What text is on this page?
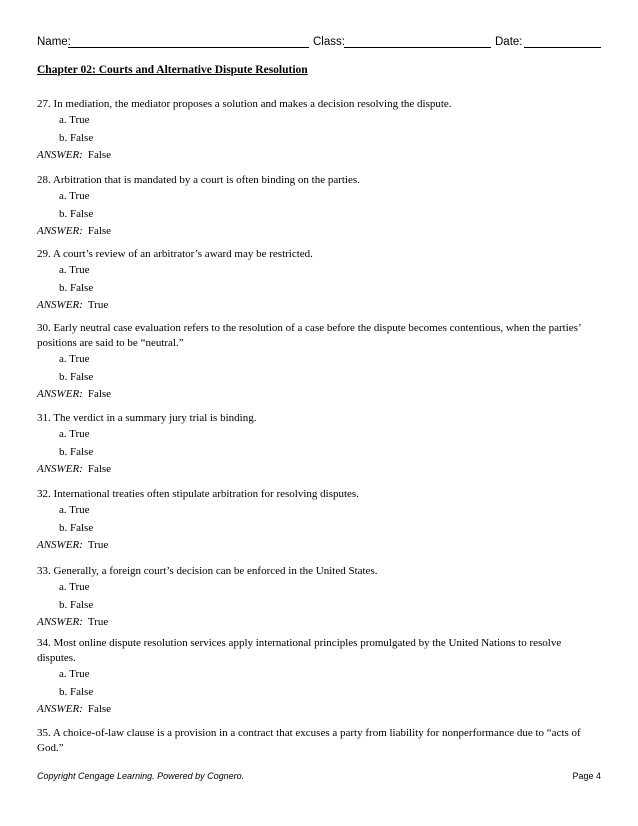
Name:	Class:	Date:
Chapter 02: Courts and Alternative Dispute Resolution

27. In mediation, the mediator proposes a solution and makes a decision resolving the dispute.

a. True

b. False

ANSWER: False

28. Arbitration that is mandated by a court is often binding on the parties.

a. True

b. False

ANSWER: False

29. A court’s review of an arbitrator’s award may be restricted.

a. True

b. False

ANSWER: True

30. Early neutral case evaluation refers to the resolution of a case before the dispute becomes contentious, when the parties’ positions are said to be “neutral.”

a. True

b. False

ANSWER: False

31. The verdict in a summary jury trial is binding.

a. True

b. False

ANSWER: False

32. International treaties often stipulate arbitration for resolving disputes.

a. True

b. False

ANSWER: True

33. Generally, a foreign court’s decision can be enforced in the United States.

a. True

b. False

ANSWER: True

34. Most online dispute resolution services apply international principles promulgated by the United Nations to resolve disputes.

a. True

b. False

ANSWER: False

35. A choice-of-law clause is a provision in a contract that excuses a party from liability for nonperformance due to “acts of God.”

Copyright Cengage Learning. Powered by Cognero.	Page 4
